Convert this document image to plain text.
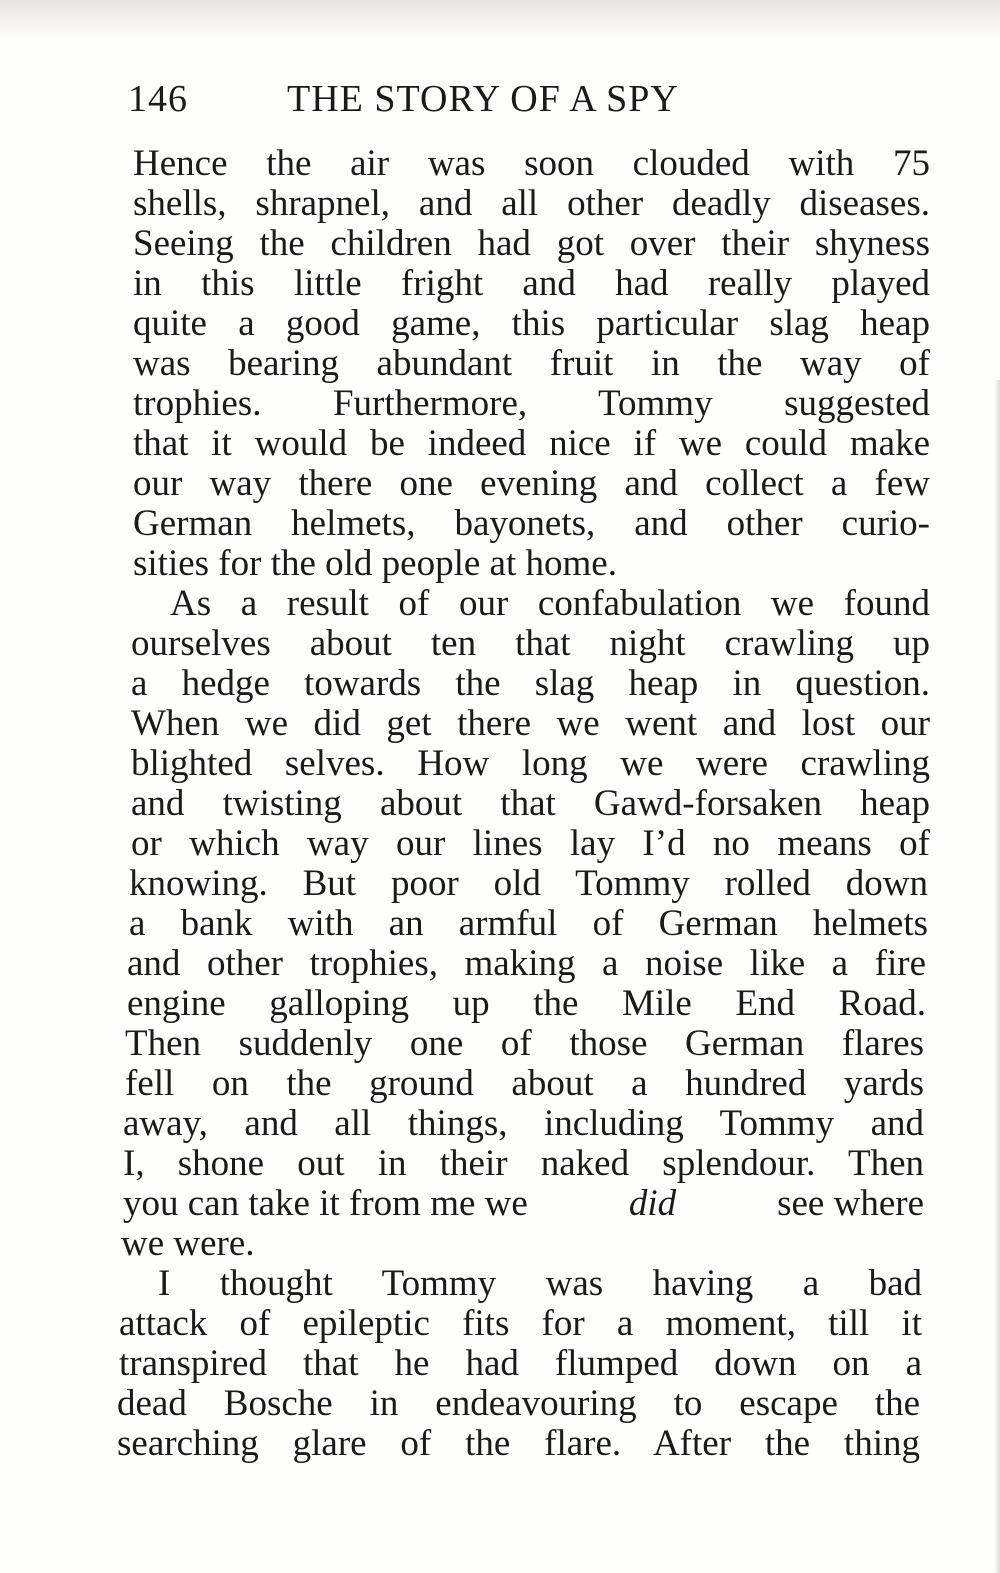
146	THE STORY OF A SPY
Hence the air was soon clouded with 75
shells, shrapnel, and all other deadly diseases.
Seeing the children had got over their shyness
in this little fright and had really played
quite a good game, this particular slag heap
was bearing abundant fruit in the way of
trophies. Furthermore, Tommy suggested
that it would be indeed nice if we could make
our way there one evening and collect a few
German helmets, bayonets, and other curio-
sities for the old people at home.
As a result of our confabulation we found
ourselves about ten that night crawling up
a hedge towards the slag heap in question.
When we did get there we went and lost our
blighted selves. How long we were crawling
and twisting about that Gawd-forsaken heap
or which way our lines lay I’d no means of
knowing. But poor old Tommy rolled down
a bank with an armful of German helmets
and other trophies, making a noise like a fire
engine galloping up the Mile End Road.
Then suddenly one of those German flares
fell on the ground about a hundred yards
away, and all things, including Tommy and
I, shone out in their naked splendour. Then
you can take it from me we	did	see where
we were.
I thought Tommy was having a bad
attack of epileptic fits for a moment, till it
transpired that he had flumped down on a
dead Bosche in endeavouring to escape the
searching glare of the flare. After the thing
